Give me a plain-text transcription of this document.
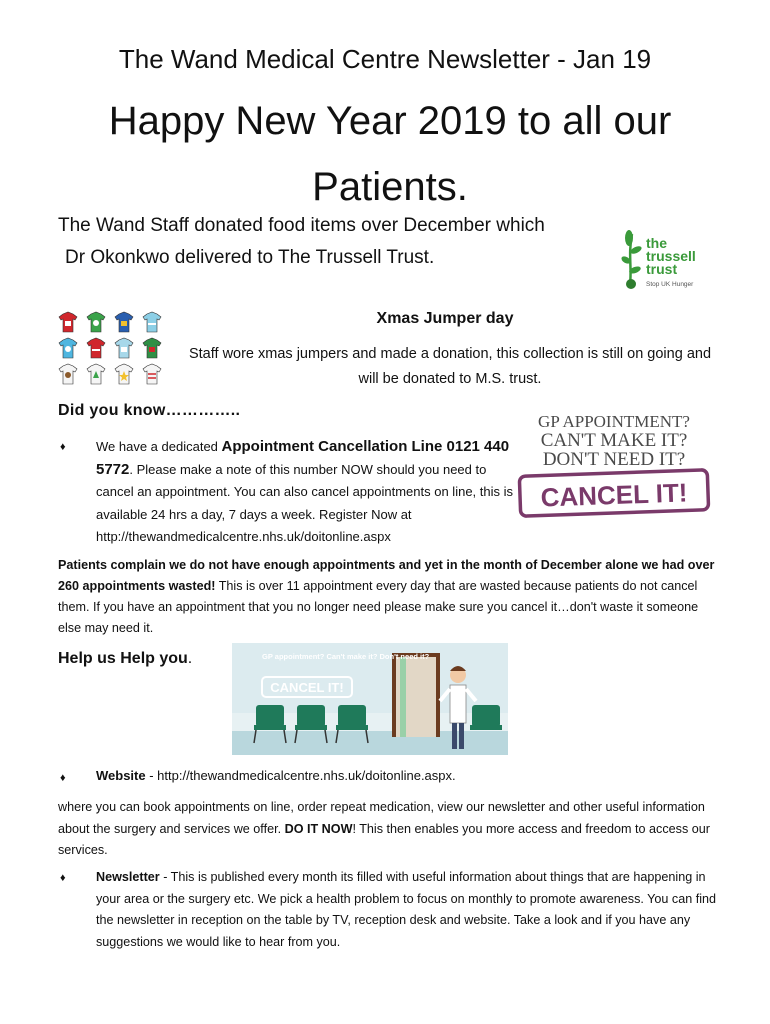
The Wand Medical Centre Newsletter - Jan 19
Happy New Year 2019 to all our Patients.
The Wand Staff donated food items over December which
Dr Okonkwo delivered to The Trussell Trust.
the
trussell
trust
Stop UK Hunger
Xmas Jumper day
Staff wore xmas jumpers and made a donation, this collection is still on going and will be donated to M.S. trust.
Did you know…………..
♦ We have a dedicated Appointment Cancellation Line 0121 440 5772. Please make a note of this number NOW should you need to cancel an appointment. You can also cancel appointments on line, this is available 24 hrs a day, 7 days a week. Register Now at http://thewandmedicalcentre.nhs.uk/doitonline.aspx
GP APPOINTMENT?
CAN'T MAKE IT?
DON'T NEED IT?
CANCEL IT!
Patients complain we do not have enough appointments and yet in the month of December alone we had over 260 appointments wasted! This is over 11 appointment every day that are wasted because patients do not cancel them. If you have an appointment that you no longer need please make sure you cancel it…don't waste it someone else may need it.
Help us Help you.	GP appointment? Can't make it? Don't need it?
CANCEL IT!
♦ Website - http://thewandmedicalcentre.nhs.uk/doitonline.aspx.
where you can book appointments on line, order repeat medication, view our newsletter and other useful information about the surgery and services we offer. DO IT NOW! This then enables you more access and freedom to access our services.
♦ Newsletter - This is published every month its filled with useful information about things that are happening in your area or the surgery etc. We pick a health problem to focus on monthly to promote awareness. You can find the newsletter in reception on the table by TV, reception desk and website. Take a look and if you have any suggestions we would like to hear from you.
